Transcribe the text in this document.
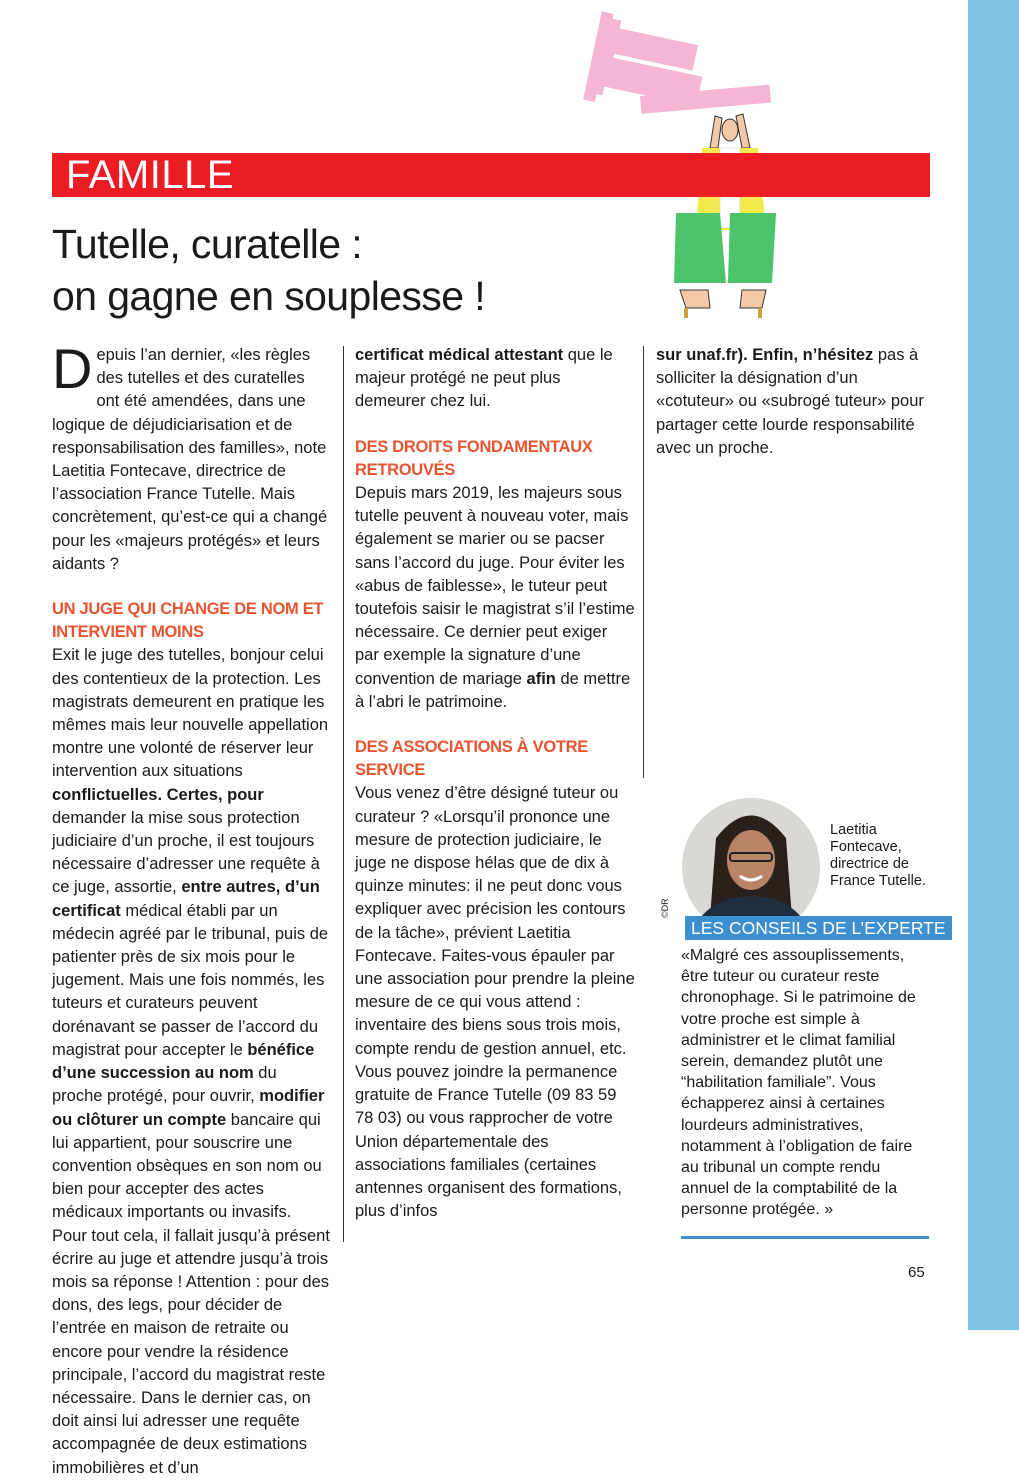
FAMILLE
Tutelle, curatelle :
on gagne en souplesse !

Depuis l’an dernier, «les règles des tutelles et des curatelles ont été amendées, dans une logique de déjudiciarisation et de responsabilisation des familles», note Laetitia Fontecave, directrice de l’association France Tutelle. Mais concrètement, qu’est-ce qui a changé pour les «majeurs protégés» et leurs aidants ?

UN JUGE QUI CHANGE DE NOM ET INTERVIENT MOINS

Exit le juge des tutelles, bonjour celui des contentieux de la protection. Les magistrats demeurent en pratique les mêmes mais leur nouvelle appellation montre une volonté de réserver leur intervention aux situations conflictuelles. Certes, pour demander la mise sous protection judiciaire d’un proche, il est toujours nécessaire d’adresser une requête à ce juge, assortie, entre autres, d’un certificat médical établi par un médecin agréé par le tribunal, puis de patienter près de six mois pour le jugement. Mais une fois nommés, les tuteurs et curateurs peuvent dorénavant se passer de l’accord du magistrat pour accepter le bénéfice d’une succession au nom du proche protégé, pour ouvrir, modifier ou clôturer un compte bancaire qui lui appartient, pour souscrire une convention obsèques en son nom ou bien pour accepter des actes médicaux importants ou invasifs. Pour tout cela, il fallait jusqu’à présent écrire au juge et attendre jusqu’à trois mois sa réponse ! Attention : pour des dons, des legs, pour décider de l’entrée en maison de retraite ou encore pour vendre la résidence principale, l’accord du magistrat reste nécessaire. Dans le dernier cas, on doit ainsi lui adresser une requête accompagnée de deux estimations immobilières et d’un

certificat médical attestant que le majeur protégé ne peut plus demeurer chez lui.

DES DROITS FONDAMENTAUX RETROUVÉS

Depuis mars 2019, les majeurs sous tutelle peuvent à nouveau voter, mais également se marier ou se pacser sans l’accord du juge. Pour éviter les «abus de faiblesse», le tuteur peut toutefois saisir le magistrat s’il l’estime nécessaire. Ce dernier peut exiger par exemple la signature d’une convention de mariage afin de mettre à l’abri le patrimoine.

DES ASSOCIATIONS À VOTRE SERVICE

Vous venez d’être désigné tuteur ou curateur ? «Lorsqu’il prononce une mesure de protection judiciaire, le juge ne dispose hélas que de dix à quinze minutes: il ne peut donc vous expliquer avec précision les contours de la tâche», prévient Laetitia Fontecave. Faites-vous épauler par une association pour prendre la pleine mesure de ce qui vous attend : inventaire des biens sous trois mois, compte rendu de gestion annuel, etc. Vous pouvez joindre la permanence gratuite de France Tutelle (09 83 59 78 03) ou vous rapprocher de votre Union départementale des associations familiales (certaines antennes organisent des formations, plus d’infos

sur unaf.fr). Enfin, n’hésitez pas à solliciter la désignation d’un «cotuteur» ou «subrogé tuteur» pour partager cette lourde responsabilité avec un proche.

Laetitia Fontecave, directrice de France Tutelle.
©DR
LES CONSEILS DE L’EXPERTE

«Malgré ces assouplissements, être tuteur ou curateur reste chronophage. Si le patrimoine de votre proche est simple à administrer et le climat familial serein, demandez plutôt une “habilitation familiale”. Vous échapperez ainsi à certaines lourdeurs administratives, notamment à l’obligation de faire au tribunal un compte rendu annuel de la comptabilité de la personne protégée. »

65
